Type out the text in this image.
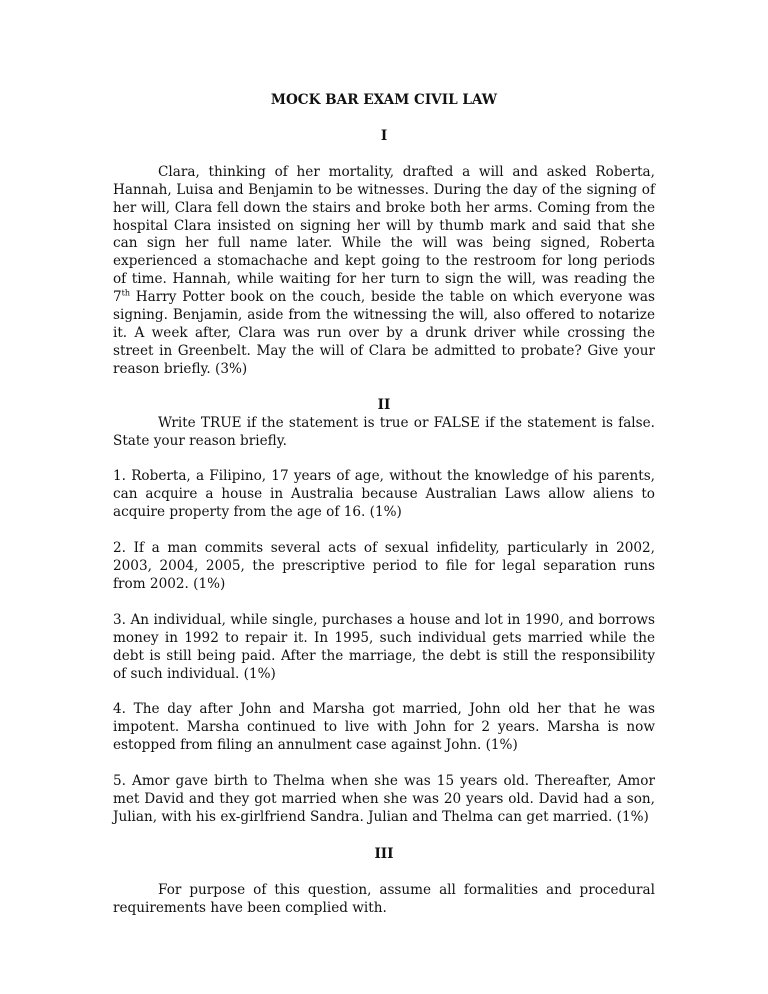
MOCK BAR EXAM CIVIL LAW

I

Clara, thinking of her mortality, drafted a will and asked Roberta, Hannah, Luisa and Benjamin to be witnesses. During the day of the signing of her will, Clara fell down the stairs and broke both her arms. Coming from the hospital Clara insisted on signing her will by thumb mark and said that she can sign her full name later. While the will was being signed, Roberta experienced a stomachache and kept going to the restroom for long periods of time. Hannah, while waiting for her turn to sign the will, was reading the 7th Harry Potter book on the couch, beside the table on which everyone was signing. Benjamin, aside from the witnessing the will, also offered to notarize it. A week after, Clara was run over by a drunk driver while crossing the street in Greenbelt. May the will of Clara be admitted to probate? Give your reason briefly. (3%)

II

Write TRUE if the statement is true or FALSE if the statement is false. State your reason briefly.

1. Roberta, a Filipino, 17 years of age, without the knowledge of his parents, can acquire a house in Australia because Australian Laws allow aliens to acquire property from the age of 16. (1%)

2. If a man commits several acts of sexual infidelity, particularly in 2002, 2003, 2004, 2005, the prescriptive period to file for legal separation runs from 2002. (1%)

3. An individual, while single, purchases a house and lot in 1990, and borrows money in 1992 to repair it. In 1995, such individual gets married while the debt is still being paid. After the marriage, the debt is still the responsibility of such individual. (1%)

4. The day after John and Marsha got married, John old her that he was impotent. Marsha continued to live with John for 2 years. Marsha is now estopped from filing an annulment case against John. (1%)

5. Amor gave birth to Thelma when she was 15 years old. Thereafter, Amor met David and they got married when she was 20 years old. David had a son, Julian, with his ex-girlfriend Sandra. Julian and Thelma can get married. (1%)

III

For purpose of this question, assume all formalities and procedural requirements have been complied with.
